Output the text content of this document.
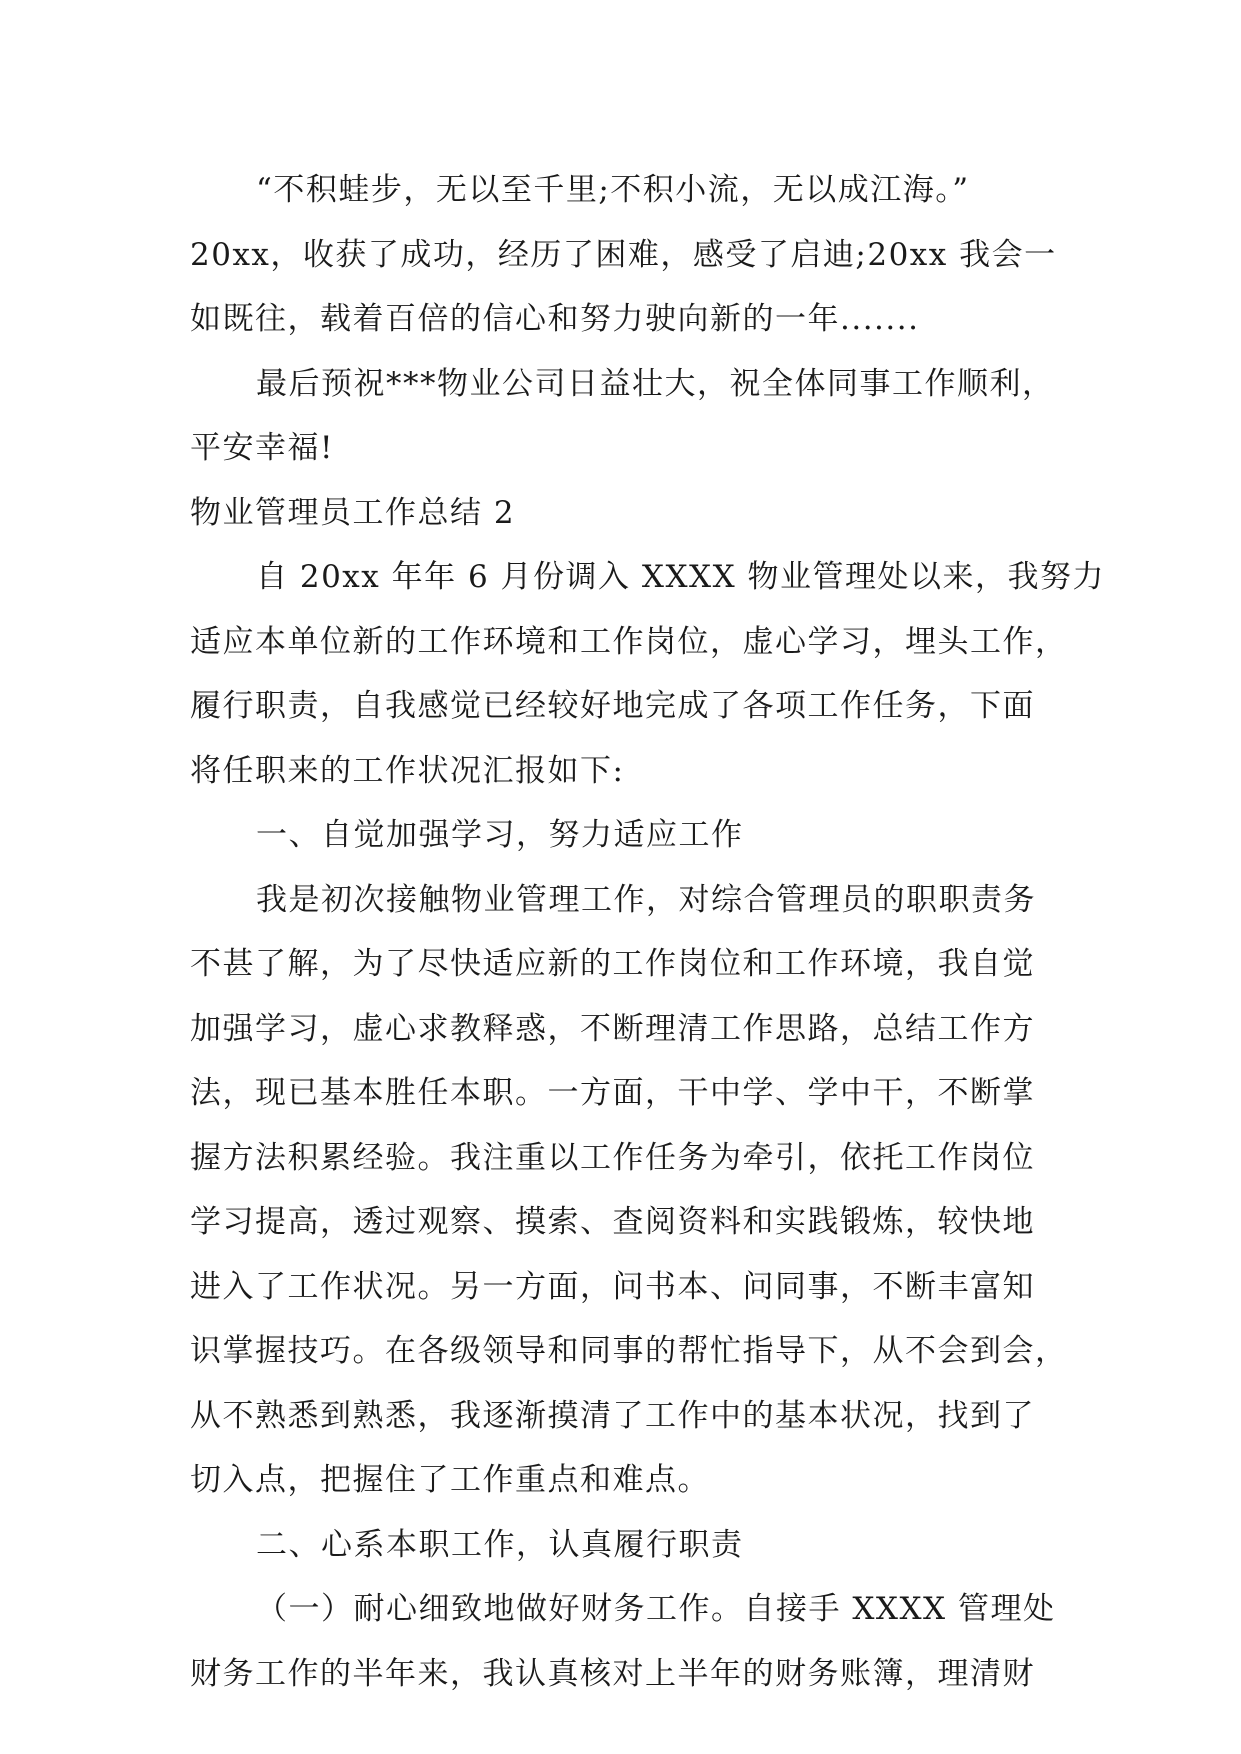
“不积蛙步，无以至千里;不积小流，无以成江海。”
20xx，收获了成功，经历了困难，感受了启迪;20xx 我会一
如既往，载着百倍的信心和努力驶向新的一年.......
最后预祝***物业公司日益壮大，祝全体同事工作顺利，
平安幸福!
物业管理员工作总结 2
自 20xx 年年 6 月份调入 XXXX 物业管理处以来，我努力
适应本单位新的工作环境和工作岗位，虚心学习，埋头工作，
履行职责，自我感觉已经较好地完成了各项工作任务，下面
将任职来的工作状况汇报如下:
一、自觉加强学习，努力适应工作
我是初次接触物业管理工作，对综合管理员的职职责务
不甚了解，为了尽快适应新的工作岗位和工作环境，我自觉
加强学习，虚心求教释惑，不断理清工作思路，总结工作方
法，现已基本胜任本职。一方面，干中学、学中干，不断掌
握方法积累经验。我注重以工作任务为牵引，依托工作岗位
学习提高，透过观察、摸索、查阅资料和实践锻炼，较快地
进入了工作状况。另一方面，问书本、问同事，不断丰富知
识掌握技巧。在各级领导和同事的帮忙指导下，从不会到会，
从不熟悉到熟悉，我逐渐摸清了工作中的基本状况，找到了
切入点，把握住了工作重点和难点。
二、心系本职工作，认真履行职责
（一）耐心细致地做好财务工作。自接手 XXXX 管理处
财务工作的半年来，我认真核对上半年的财务账簿，理清财
